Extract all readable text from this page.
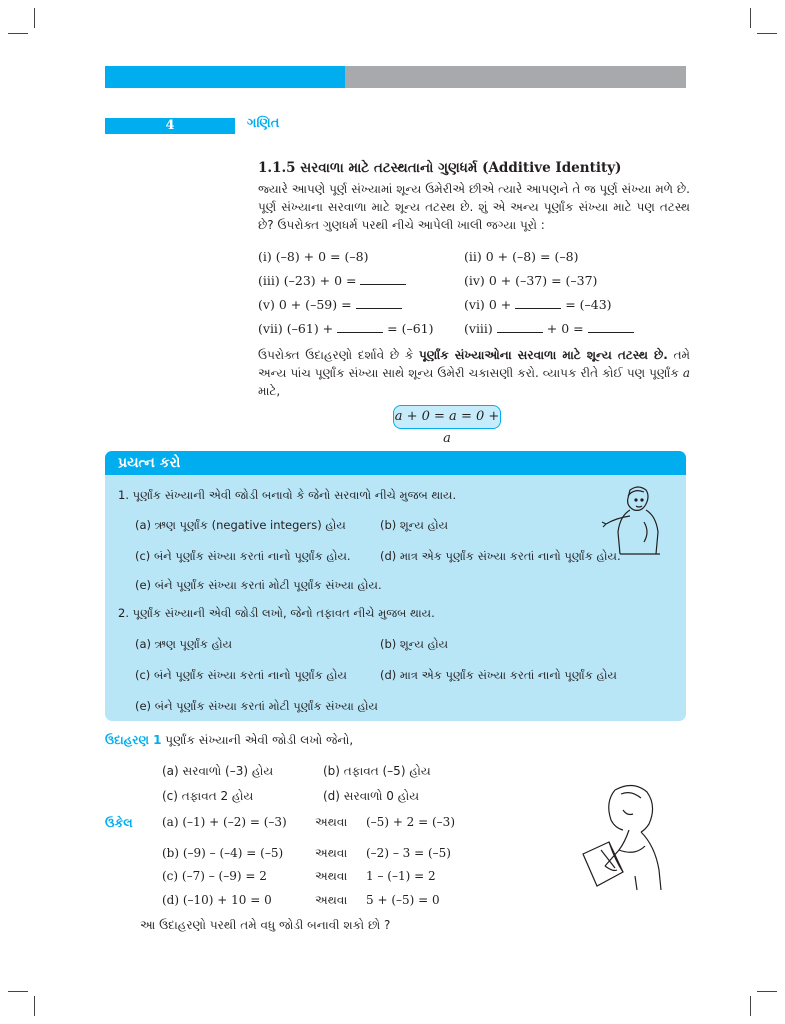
4	ગણિત
1.1.5 સરવાળા માટે તટસ્થતાનો ગુણધર્મ (Additive Identity)
જ્યારે આપણે પૂર્ણ સંખ્યામાં શૂન્ય ઉમેરીએ છીએ ત્યારે આપણને તે જ પૂર્ણ સંખ્યા મળે છે. પૂર્ણ સંખ્યાના સરવાળા માટે શૂન્ય તટસ્થ છે. શું એ અન્ય પૂર્ણાંક સંખ્યા માટે પણ તટસ્થ છે? ઉપરોક્ત ગુણધર્મ પરથી નીચે આપેલી ખાલી જગ્યા પૂરો :
(i) (–8) + 0 = (–8)	(ii) 0 + (–8) = (–8)
(iii) (–23) + 0 =	(iv) 0 + (–37) = (–37)
(v) 0 + (–59) =	(vi) 0 +	= (–43)
(vii) (–61) +	= (–61) (viii)	+ 0 =
ઉપરોક્ત ઉદાહરણો દર્શાવે છે કે પૂર્ણાંક સંખ્યાઓના સરવાળા માટે શૂન્ય તટસ્થ છે. તમે અન્ય પાંચ પૂર્ણાંક સંખ્યા સાથે શૂન્ય ઉમેરી ચકાસણી કરો. વ્યાપક રીતે કોઈ પણ પૂર્ણાંક a માટે,
a + 0 = a = 0 + a
પ્રયત્ન કરો
1. પૂર્ણાંક સંખ્યાની એવી જોડી બનાવો કે જેનો સરવાળો નીચે મુજબ થાય.
(a) ઋણ પૂર્ણાંક (negative integers) હોય	(b) શૂન્ય હોય
(c) બંને પૂર્ણાંક સંખ્યા કરતાં નાનો પૂર્ણાંક હોય.	(d) માત્ર એક પૂર્ણાંક સંખ્યા કરતાં નાનો પૂર્ણાંક હોય.
(e) બંને પૂર્ણાંક સંખ્યા કરતાં મોટી પૂર્ણાંક સંખ્યા હોય.
2. પૂર્ણાંક સંખ્યાની એવી જોડી લખો, જેનો તફાવત નીચે મુજબ થાય.
(a) ઋણ પૂર્ણાંક હોય	(b) શૂન્ય હોય
(c) બંને પૂર્ણાંક સંખ્યા કરતાં નાનો પૂર્ણાંક હોય	(d) માત્ર એક પૂર્ણાંક સંખ્યા કરતાં નાનો પૂર્ણાંક હોય
(e) બંને પૂર્ણાંક સંખ્યા કરતાં મોટી પૂર્ણાંક સંખ્યા હોય
ઉદાહરણ 1 પૂર્ણાંક સંખ્યાની એવી જોડી લખો જેનો,
(a) સરવાળો (–3) હોય	(b) તફાવત (–5) હોય
(c) તફાવત 2 હોય	(d) સરવાળો 0 હોય
ઉકેલ (a) (–1) + (–2) = (–3) અથવા (–5) + 2 = (–3)
(b) (–9) – (–4) = (–5)	અથવા (–2) – 3 = (–5)
(c) (–7) – (–9) = 2	અથવા 1 – (–1) = 2
(d) (–10) + 10 = 0	અથવા 5 + (–5) = 0
આ ઉદાહરણો પરથી તમે વધુ જોડી બનાવી શકો છો ?
